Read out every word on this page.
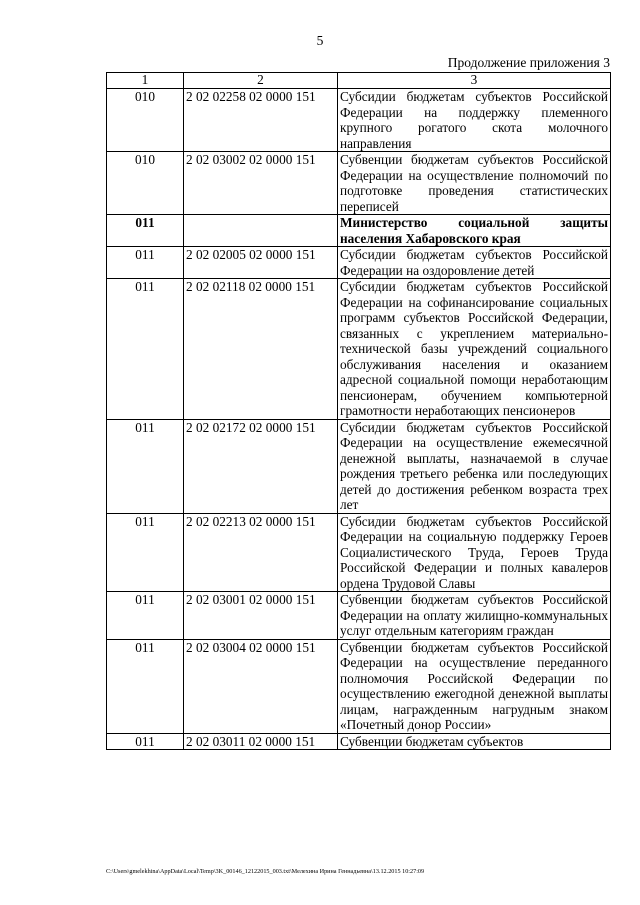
5
Продолжение приложения 3
1	2	3
010	2 02 02258 02 0000 151	Субсидии бюджетам субъектов Российской Федерации на поддержку племенного крупного рогатого скота молочного направления
010	2 02 03002 02 0000 151	Субвенции бюджетам субъектов Российской Федерации на осуществление полномочий по подготовке проведения статистических переписей
011		Министерство социальной защиты населения Хабаровского края
011	2 02 02005 02 0000 151	Субсидии бюджетам субъектов Российской Федерации на оздоровление детей
011	2 02 02118 02 0000 151	Субсидии бюджетам субъектов Российской Федерации на софинансирование социальных программ субъектов Российской Федерации, связанных с укреплением материально-технической базы учреждений социального обслуживания населения и оказанием адресной социальной помощи неработающим пенсионерам, обучением компьютерной грамотности неработающих пенсионеров
011	2 02 02172 02 0000 151	Субсидии бюджетам субъектов Российской Федерации на осуществление ежемесячной денежной выплаты, назначаемой в случае рождения третьего ребенка или последующих детей до достижения ребенком возраста трех лет
011	2 02 02213 02 0000 151	Субсидии бюджетам субъектов Российской Федерации на социальную поддержку Героев Социалистического Труда, Героев Труда Российской Федерации и полных кавалеров ордена Трудовой Славы
011	2 02 03001 02 0000 151	Субвенции бюджетам субъектов Российской Федерации на оплату жилищно-коммунальных услуг отдельным категориям граждан
011	2 02 03004 02 0000 151	Субвенции бюджетам субъектов Российской Федерации на осуществление переданного полномочия Российской Федерации по осуществлению ежегодной денежной выплаты лицам, награжденным нагрудным знаком «Почетный донор России»
011	2 02 03011 02 0000 151	Субвенции бюджетам субъектов
C:\Users\gmelekhina\AppData\Local\Temp\3K_00146_12122015_003.txt\Мелехина Ирина Геннадьевна\13.12.2015 10:27:09
